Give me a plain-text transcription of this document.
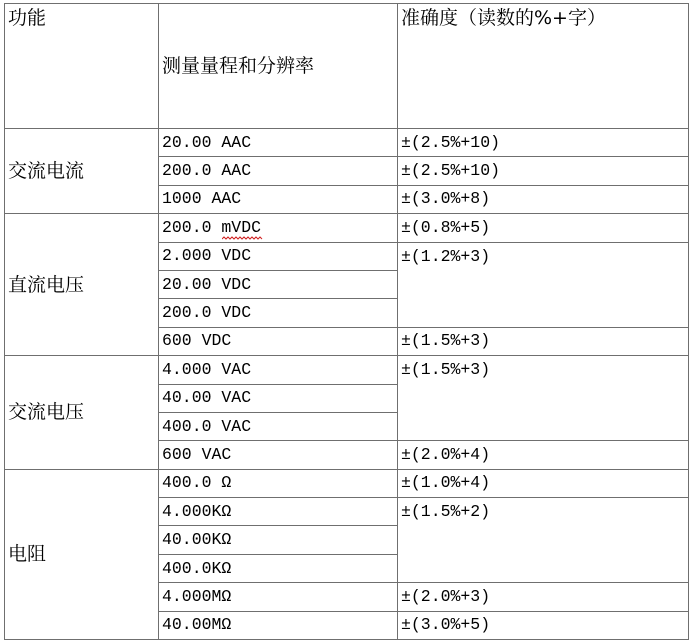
功能	测量量程和分辨率	准确度（读数的%+字）
交流电流	20.00 AAC	±(2.5%+10)
	200.0 AAC	±(2.5%+10)
	1000 AAC	±(3.0%+8)
直流电压	200.0 mVDC	±(0.8%+5)
	2.000 VDC	±(1.2%+3)
	20.00 VDC	
	200.0 VDC	
	600 VDC	±(1.5%+3)
交流电压	4.000 VAC	±(1.5%+3)
	40.00 VAC	
	400.0 VAC	
	600 VAC	±(2.0%+4)
电阻	400.0 Ω	±(1.0%+4)
	4.000KΩ	±(1.5%+2)
	40.00KΩ	
	400.0KΩ	
	4.000MΩ	±(2.0%+3)
	40.00MΩ	±(3.0%+5)
